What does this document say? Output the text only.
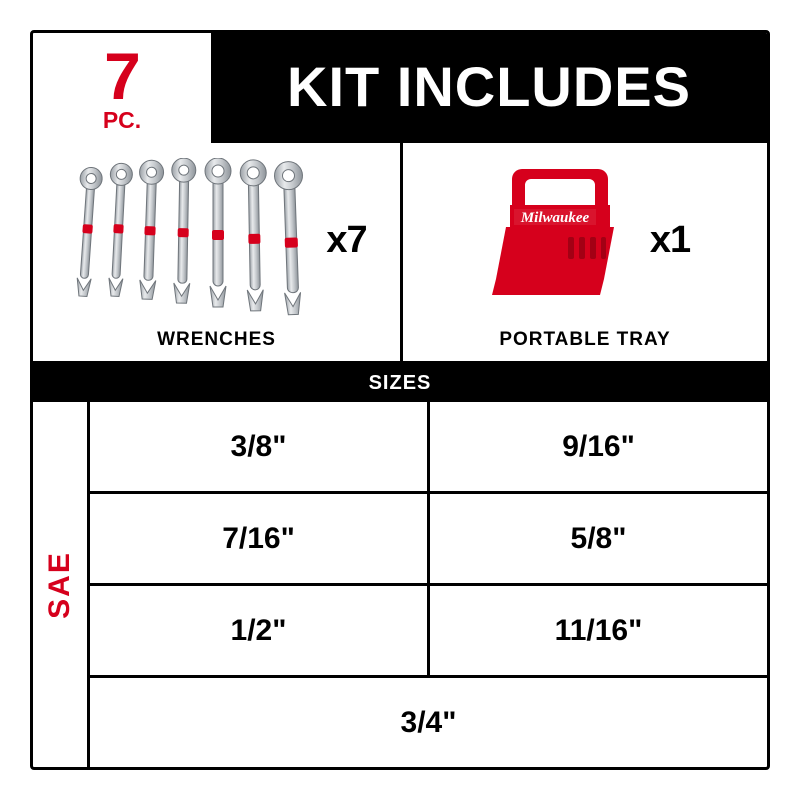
7
PC.
KIT INCLUDES
x7
WRENCHES
Milwaukee
x1
PORTABLE TRAY
SIZES
SAE
3/8"	9/16"
7/16"	5/8"
1/2"	11/16"
3/4"
